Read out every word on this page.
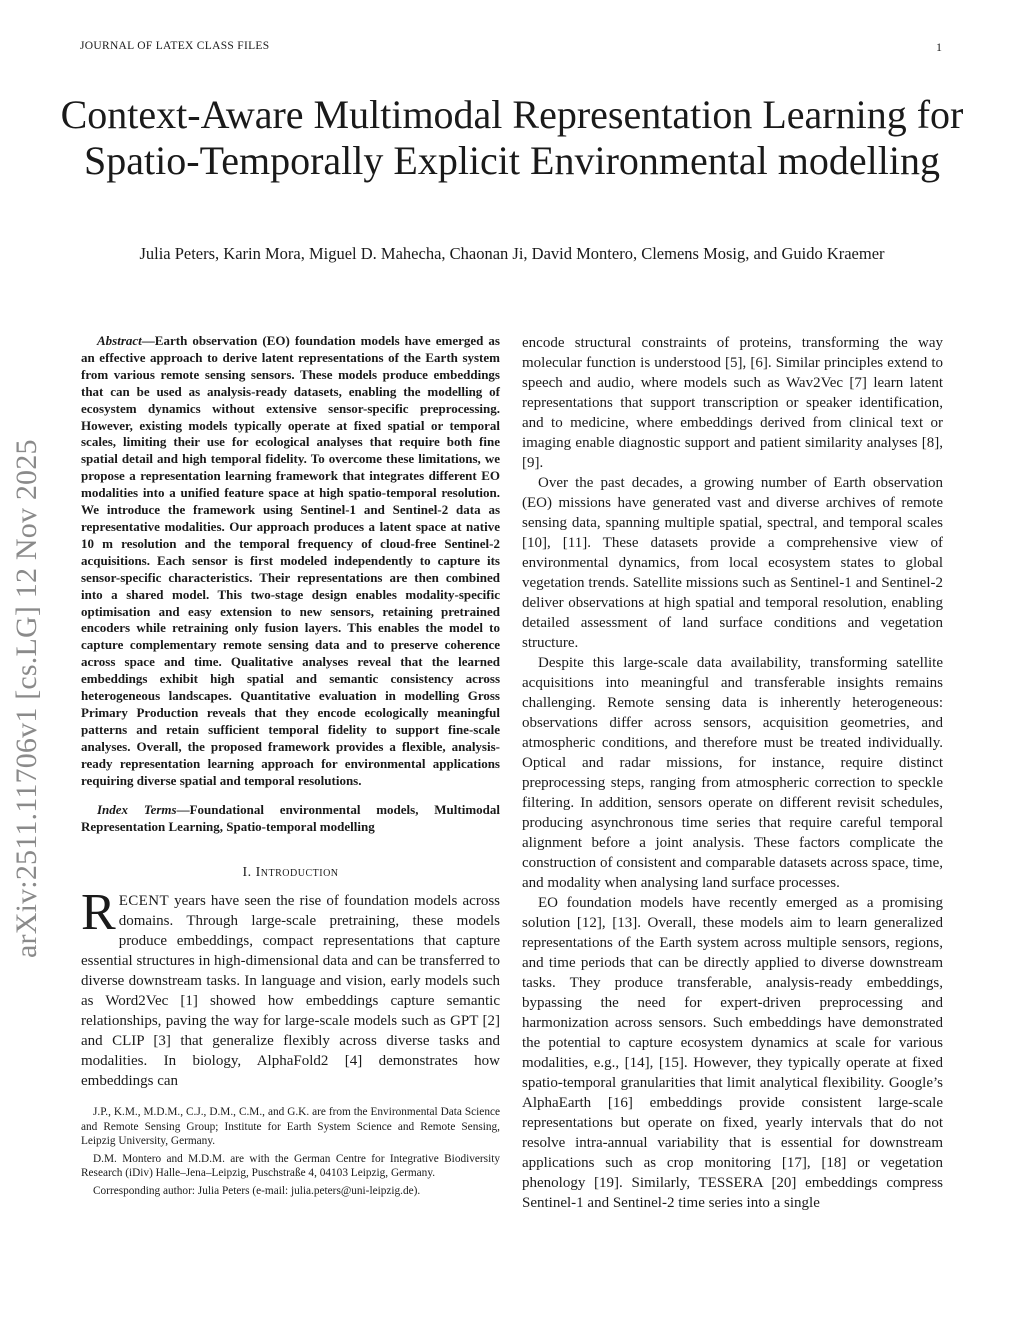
JOURNAL OF LATEX CLASS FILES	1
arXiv:2511.11706v1 [cs.LG] 12 Nov 2025
Context-Aware Multimodal Representation Learning for Spatio-Temporally Explicit Environmental modelling
Julia Peters, Karin Mora, Miguel D. Mahecha, Chaonan Ji, David Montero, Clemens Mosig, and Guido Kraemer

Abstract—Earth observation (EO) foundation models have emerged as an effective approach to derive latent representations of the Earth system from various remote sensing sensors. These models produce embeddings that can be used as analysis-ready datasets, enabling the modelling of ecosystem dynamics without extensive sensor-specific preprocessing. However, existing models typically operate at fixed spatial or temporal scales, limiting their use for ecological analyses that require both fine spatial detail and high temporal fidelity. To overcome these limitations, we propose a representation learning framework that integrates different EO modalities into a unified feature space at high spatio-temporal resolution. We introduce the framework using Sentinel-1 and Sentinel-2 data as representative modalities. Our approach produces a latent space at native 10 m resolution and the temporal frequency of cloud-free Sentinel-2 acquisitions. Each sensor is first modeled independently to capture its sensor-specific characteristics. Their representations are then combined into a shared model. This two-stage design enables modality-specific optimisation and easy extension to new sensors, retaining pretrained encoders while retraining only fusion layers. This enables the model to capture complementary remote sensing data and to preserve coherence across space and time. Qualitative analyses reveal that the learned embeddings exhibit high spatial and semantic consistency across heterogeneous landscapes. Quantitative evaluation in modelling Gross Primary Production reveals that they encode ecologically meaningful patterns and retain sufficient temporal fidelity to support fine-scale analyses. Overall, the proposed framework provides a flexible, analysis-ready representation learning approach for environmental applications requiring diverse spatial and temporal resolutions.

Index Terms—Foundational environmental models, Multimodal Representation Learning, Spatio-temporal modelling

I. Introduction

RECENT years have seen the rise of foundation models across domains. Through large-scale pretraining, these models produce embeddings, compact representations that capture essential structures in high-dimensional data and can be transferred to diverse downstream tasks. In language and vision, early models such as Word2Vec [1] showed how embeddings capture semantic relationships, paving the way for large-scale models such as GPT [2] and CLIP [3] that generalize flexibly across diverse tasks and modalities. In biology, AlphaFold2 [4] demonstrates how embeddings can

J.P., K.M., M.D.M., C.J., D.M., C.M., and G.K. are from the Environmental Data Science and Remote Sensing Group; Institute for Earth System Science and Remote Sensing, Leipzig University, Germany.

D.M. Montero and M.D.M. are with the German Centre for Integrative Biodiversity Research (iDiv) Halle–Jena–Leipzig, Puschstraße 4, 04103 Leipzig, Germany.

Corresponding author: Julia Peters (e-mail: julia.peters@uni-leipzig.de).

encode structural constraints of proteins, transforming the way molecular function is understood [5], [6]. Similar principles extend to speech and audio, where models such as Wav2Vec [7] learn latent representations that support transcription or speaker identification, and to medicine, where embeddings derived from clinical text or imaging enable diagnostic support and patient similarity analyses [8], [9].

Over the past decades, a growing number of Earth observation (EO) missions have generated vast and diverse archives of remote sensing data, spanning multiple spatial, spectral, and temporal scales [10], [11]. These datasets provide a comprehensive view of environmental dynamics, from local ecosystem states to global vegetation trends. Satellite missions such as Sentinel-1 and Sentinel-2 deliver observations at high spatial and temporal resolution, enabling detailed assessment of land surface conditions and vegetation structure.

Despite this large-scale data availability, transforming satellite acquisitions into meaningful and transferable insights remains challenging. Remote sensing data is inherently heterogeneous: observations differ across sensors, acquisition geometries, and atmospheric conditions, and therefore must be treated individually. Optical and radar missions, for instance, require distinct preprocessing steps, ranging from atmospheric correction to speckle filtering. In addition, sensors operate on different revisit schedules, producing asynchronous time series that require careful temporal alignment before a joint analysis. These factors complicate the construction of consistent and comparable datasets across space, time, and modality when analysing land surface processes.

EO foundation models have recently emerged as a promising solution [12], [13]. Overall, these models aim to learn generalized representations of the Earth system across multiple sensors, regions, and time periods that can be directly applied to diverse downstream tasks. They produce transferable, analysis-ready embeddings, bypassing the need for expert-driven preprocessing and harmonization across sensors. Such embeddings have demonstrated the potential to capture ecosystem dynamics at scale for various modalities, e.g., [14], [15]. However, they typically operate at fixed spatio-temporal granularities that limit analytical flexibility. Google’s AlphaEarth [16] embeddings provide consistent large-scale representations but operate on fixed, yearly intervals that do not resolve intra-annual variability that is essential for downstream applications such as crop monitoring [17], [18] or vegetation phenology [19]. Similarly, TESSERA [20] embeddings compress Sentinel-1 and Sentinel-2 time series into a single
